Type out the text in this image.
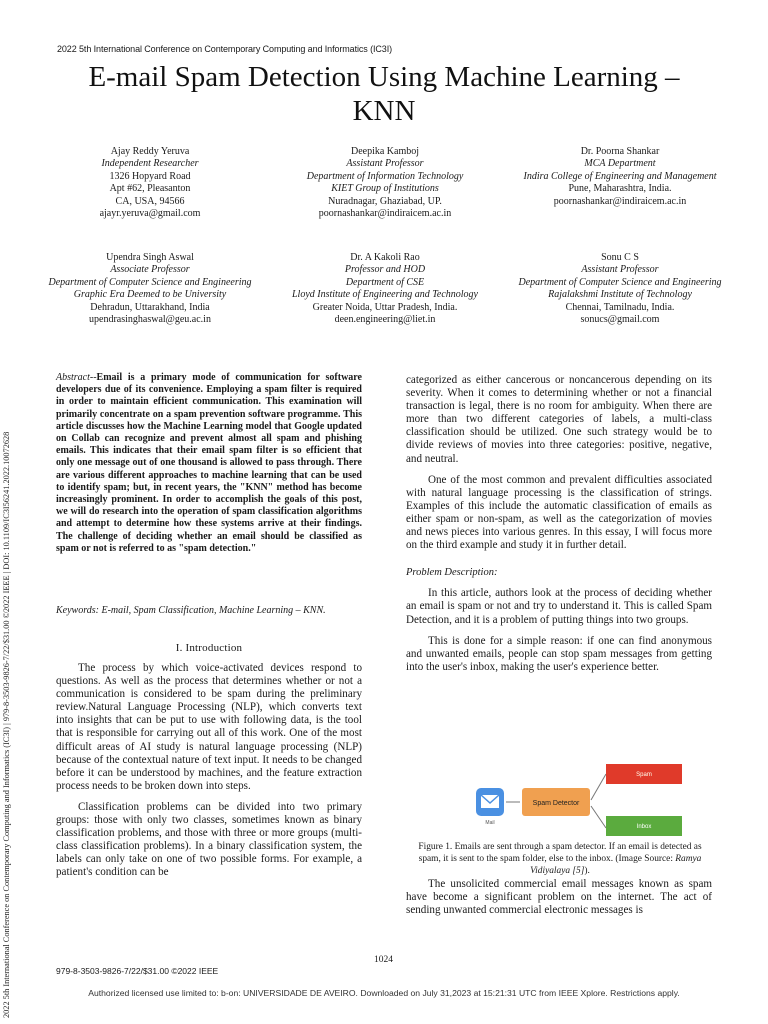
2022 5th International Conference on Contemporary Computing and Informatics (IC3I)
E-mail Spam Detection Using Machine Learning –
KNN
2022 5th International Conference on Contemporary Computing and Informatics (IC3I) | 979-8-3503-9826-7/22/$31.00 ©2022 IEEE | DOI: 10.1109/IC3I56241.2022.10072628
Ajay Reddy Yeruva
Independent Researcher
1326 Hopyard Road
Apt #62, Pleasanton
CA, USA, 94566
ajayr.yeruva@gmail.com
Deepika Kamboj
Assistant Professor
Department of Information Technology
KIET Group of Institutions
Nuradnagar, Ghaziabad, UP.
poornashankar@indiraicem.ac.in
Dr. Poorna Shankar
MCA Department
Indira College of Engineering and Management
Pune, Maharashtra, India.
poornashankar@indiraicem.ac.in
Upendra Singh Aswal
Associate Professor
Department of Computer Science and Engineering
Graphic Era Deemed to be University
Dehradun, Uttarakhand, India
upendrasinghaswal@geu.ac.in
Dr. A Kakoli Rao
Professor and HOD
Department of CSE
Lloyd Institute of Engineering and Technology
Greater Noida, Uttar Pradesh, India.
deen.engineering@liet.in
Sonu C S
Assistant Professor
Department of Computer Science and Engineering
Rajalakshmi Institute of Technology
Chennai, Tamilnadu, India.
sonucs@gmail.com
Abstract--Email is a primary mode of communication for software developers due of its convenience. Employing a spam filter is required in order to maintain efficient communication. This examination will primarily concentrate on a spam prevention software programme. This article discusses how the Machine Learning model that Google updated on Collab can recognize and prevent almost all spam and phishing emails. This indicates that their email spam filter is so efficient that only one message out of one thousand is allowed to pass through. There are various different approaches to machine learning that can be used to identify spam; but, in recent years, the "KNN" method has become increasingly prominent. In order to accomplish the goals of this post, we will do research into the operation of spam classification algorithms and attempt to determine how these systems arrive at their findings. The challenge of deciding whether an email should be classified as spam or not is referred to as "spam detection."
Keywords: E-mail, Spam Classification, Machine Learning – KNN.
I. Introduction

The process by which voice-activated devices respond to questions. As well as the process that determines whether or not a communication is considered to be spam during the preliminary review.Natural Language Processing (NLP), which converts text into insights that can be put to use with following data, is the tool that is responsible for carrying out all of this work. One of the most difficult areas of AI study is natural language processing (NLP) because of the contextual nature of text input. It needs to be changed before it can be understood by machines, and the feature extraction process needs to be broken down into steps.

Classification problems can be divided into two primary groups: those with only two classes, sometimes known as binary classification problems, and those with three or more groups (multi-class classification problems). In a binary classification system, the labels can only take on one of two possible forms. For example, a patient's condition can be

categorized as either cancerous or noncancerous depending on its severity. When it comes to determining whether or not a financial transaction is legal, there is no room for ambiguity. When there are more than two different categories of labels, a multi-class classification should be utilized. One such strategy would be to divide reviews of movies into three categories: positive, negative, and neutral.

One of the most common and prevalent difficulties associated with natural language processing is the classification of strings. Examples of this include the automatic classification of emails as either spam or non-spam, as well as the categorization of movies and news pieces into various genres. In this essay, I will focus more on the third example and study it in further detail.

Problem Description:

In this article, authors look at the process of deciding whether an email is spam or not and try to understand it. This is called Spam Detection, and it is a problem of putting things into two groups.

This is done for a simple reason: if one can find anonymous and unwanted emails, people can stop spam messages from getting into the user's inbox, making the user's experience better.

Mail
Spam Detector
Spam
Inbox
Figure 1. Emails are sent through a spam detector. If an email is detected as spam, it is sent to the spam folder, else to the inbox. (Image Source: Ramya Vidiyalaya [5]).

The unsolicited commercial email messages known as spam have become a significant problem on the internet. The act of sending unwanted commercial electronic messages is

1024
979-8-3503-9826-7/22/$31.00 ©2022 IEEE
Authorized licensed use limited to: b-on: UNIVERSIDADE DE AVEIRO. Downloaded on July 31,2023 at 15:21:31 UTC from IEEE Xplore. Restrictions apply.
